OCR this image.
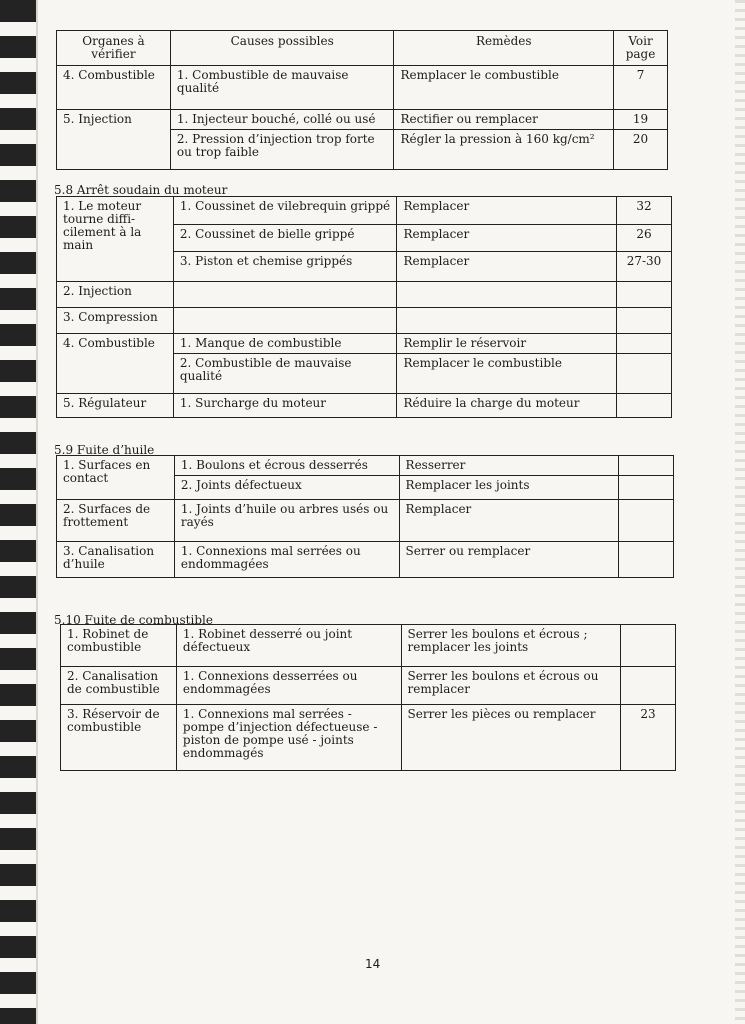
Organes à vérifier	Causes possibles	Remèdes	Voir page
4. Combustible	1. Combustible de mauvaise qualité	Remplacer le combustible	7
5. Injection	1. Injecteur bouché, collé ou usé	Rectifier ou remplacer	19
	2. Pression d’injection trop forte ou trop faible	Régler la pression à 160 kg/cm²	20
5.8 Arrêt soudain du moteur
1. Le moteur tourne diffi- cilement à la main	1. Coussinet de vilebrequin grippé	Remplacer	32
	2. Coussinet de bielle grippé	Remplacer	26
	3. Piston et chemise grippés	Remplacer	27-30
2. Injection			
3. Compression			
4. Combustible	1. Manque de combustible	Remplir le réservoir	
	2. Combustible de mauvaise qualité	Remplacer le combustible	
5. Régulateur	1. Surcharge du moteur	Réduire la charge du moteur	
5.9 Fuite d’huile
1. Surfaces en contact	1. Boulons et écrous desserrés	Resserrer	
	2. Joints défectueux	Remplacer les joints	
2. Surfaces de frottement	1. Joints d’huile ou arbres usés ou rayés	Remplacer	
3. Canalisation d’huile	1. Connexions mal serrées ou endommagées	Serrer ou remplacer	
5.10 Fuite de combustible
1. Robinet de combustible	1. Robinet desserré ou joint défectueux	Serrer les boulons et écrous ; remplacer les joints	
2. Canalisation de combustible	1. Connexions desserrées ou endommagées	Serrer les boulons et écrous ou remplacer	
3. Réservoir de combustible	1. Connexions mal serrées - pompe d’injection défectueuse - piston de pompe usé - joints endommagés	Serrer les pièces ou remplacer	23
14
